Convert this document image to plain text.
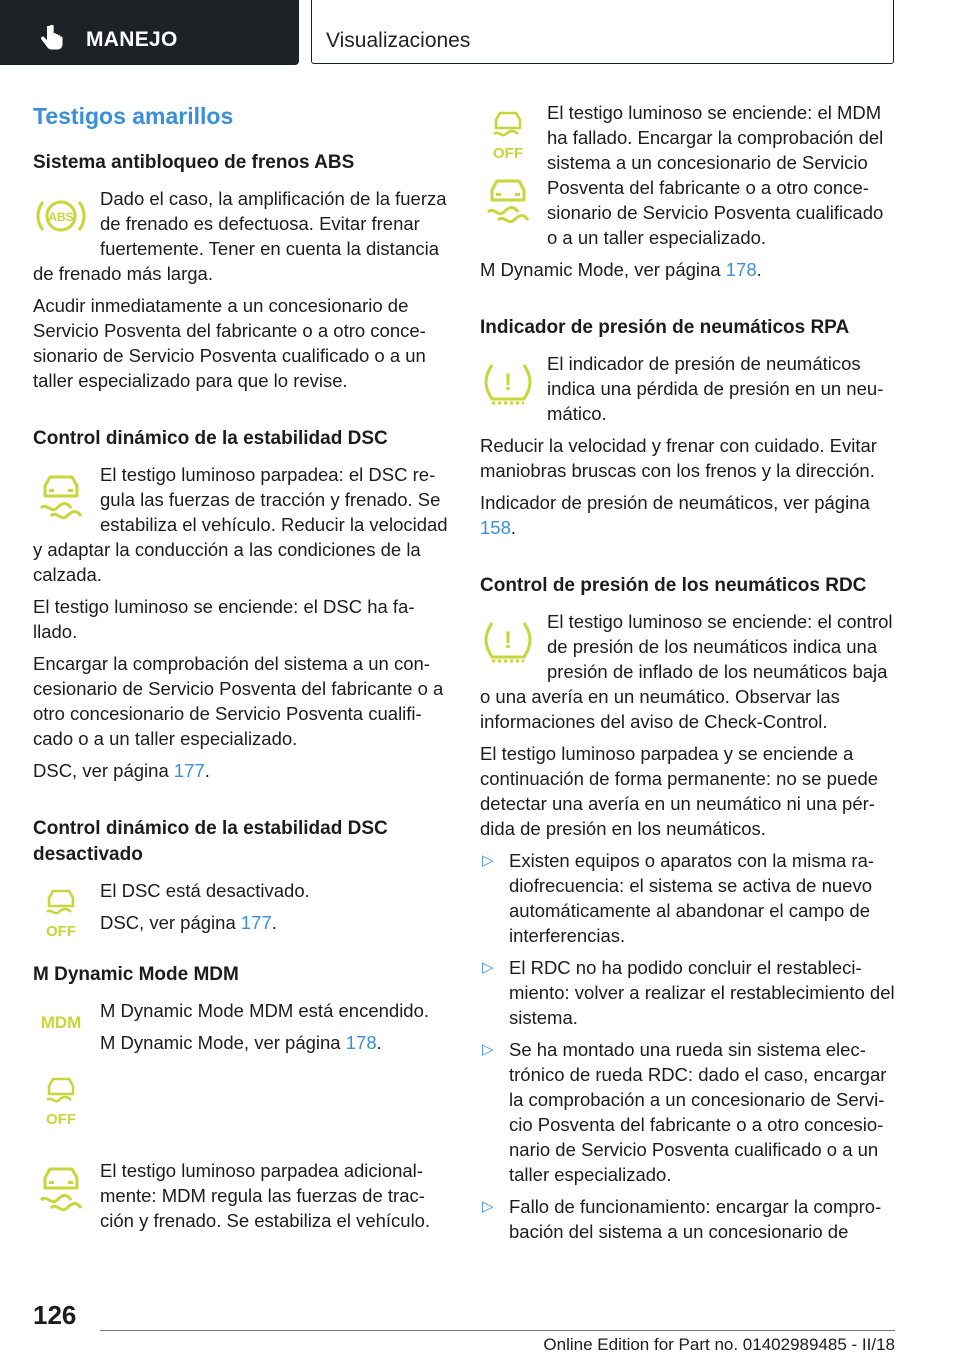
MANEJO	Visualizaciones
Testigos amarillos
Sistema antibloqueo de frenos ABS
ABS

Dado el caso, la amplificación de la fuerza de frenado es defectuosa. Evitar frenar fuertemente. Tener en cuenta la distancia de frenado más larga.

Acudir inmediatamente a un concesionario de Servicio Posventa del fabricante o a otro concesionario de Servicio Posventa cualificado o a un taller especializado para que lo revise.

Control dinámico de la estabilidad DSC

El testigo luminoso parpadea: el DSC regula las fuerzas de tracción y frenado. Se estabiliza el vehículo. Reducir la velocidad y adaptar la conducción a las condiciones de la calzada.

El testigo luminoso se enciende: el DSC ha fallado.

Encargar la comprobación del sistema a un concesionario de Servicio Posventa del fabricante o a otro concesionario de Servicio Posventa cualificado o a un taller especializado.

DSC, ver página 177.

Control dinámico de la estabilidad DSC desactivado
OFF

El DSC está desactivado.

DSC, ver página 177.

M Dynamic Mode MDM
MDM
OFF

M Dynamic Mode MDM está encendido.

M Dynamic Mode, ver página 178.

El testigo luminoso parpadea adicionalmente: MDM regula las fuerzas de tracción y frenado. Se estabiliza el vehículo.

OFF

El testigo luminoso se enciende: el MDM ha fallado. Encargar la comprobación del sistema a un concesionario de Servicio Posventa del fabricante o a otro concesionario de Servicio Posventa cualificado o a un taller especializado.

M Dynamic Mode, ver página 178.

Indicador de presión de neumáticos RPA
!

El indicador de presión de neumáticos indica una pérdida de presión en un neumático.

Reducir la velocidad y frenar con cuidado. Evitar maniobras bruscas con los frenos y la dirección.

Indicador de presión de neumáticos, ver página 158.

Control de presión de los neumáticos RDC
!

El testigo luminoso se enciende: el control de presión de los neumáticos indica una presión de inflado de los neumáticos baja o una avería en un neumático. Observar las informaciones del aviso de Check-Control.

El testigo luminoso parpadea y se enciende a continuación de forma permanente: no se puede detectar una avería en un neumático ni una pérdida de presión en los neumáticos.

▷ Existen equipos o aparatos con la misma radiofrecuencia: el sistema se activa de nuevo automáticamente al abandonar el campo de interferencias.
▷ El RDC no ha podido concluir el restablecimiento: volver a realizar el restablecimiento del sistema.
▷ Se ha montado una rueda sin sistema electrónico de rueda RDC: dado el caso, encargar la comprobación a un concesionario de Servicio Posventa del fabricante o a otro concesionario de Servicio Posventa cualificado o a un taller especializado.
▷ Fallo de funcionamiento: encargar la comprobación del sistema a un concesionario de
126
Online Edition for Part no. 01402989485 - II/18
